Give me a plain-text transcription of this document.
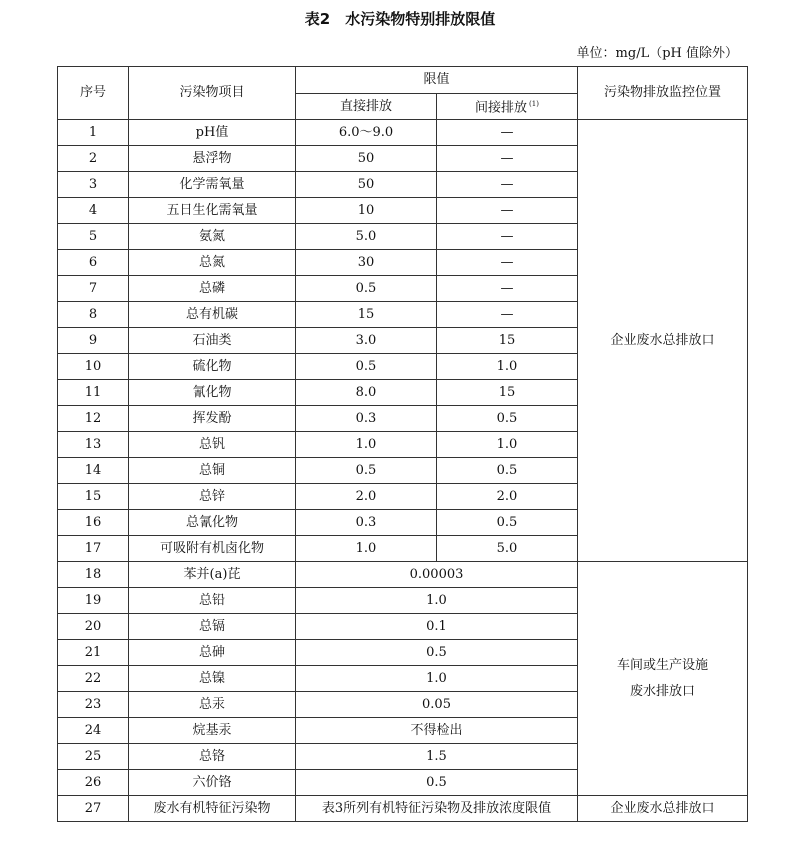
表2　水污染物特别排放限值
单位：mg/L（pH 值除外）
序号	污染物项目	限值		污染物排放监控位置
		直接排放	间接排放 $^{(1)}$
1	pH值	6.0～9.0	—	企业废水总排放口
2	悬浮物	50	—	
3	化学需氧量	50	—	
4	五日生化需氧量	10	—	
5	氨氮	5.0	—	
6	总氮	30	—	
7	总磷	0.5	—	
8	总有机碳	15	—	
9	石油类	3.0	15	
10	硫化物	0.5	1.0	
11	氰化物	8.0	15	
12	挥发酚	0.3	0.5	
13	总钒	1.0	1.0	
14	总铜	0.5	0.5	
15	总锌	2.0	2.0	
16	总氰化物	0.3	0.5	
17	可吸附有机卤化物	1.0	5.0	
18	苯并(a)芘	0.00003		车间或生产设施
废水排放口

19	总铅	1.0		
20	总镉	0.1		
21	总砷	0.5		
22	总镍	1.0		
23	总汞	0.05		
24	烷基汞	不得检出		
25	总铬	1.5		
26	六价铬	0.5		
27	废水有机特征污染物	表3所列有机特征污染物及排放浓度限值		企业废水总排放口
